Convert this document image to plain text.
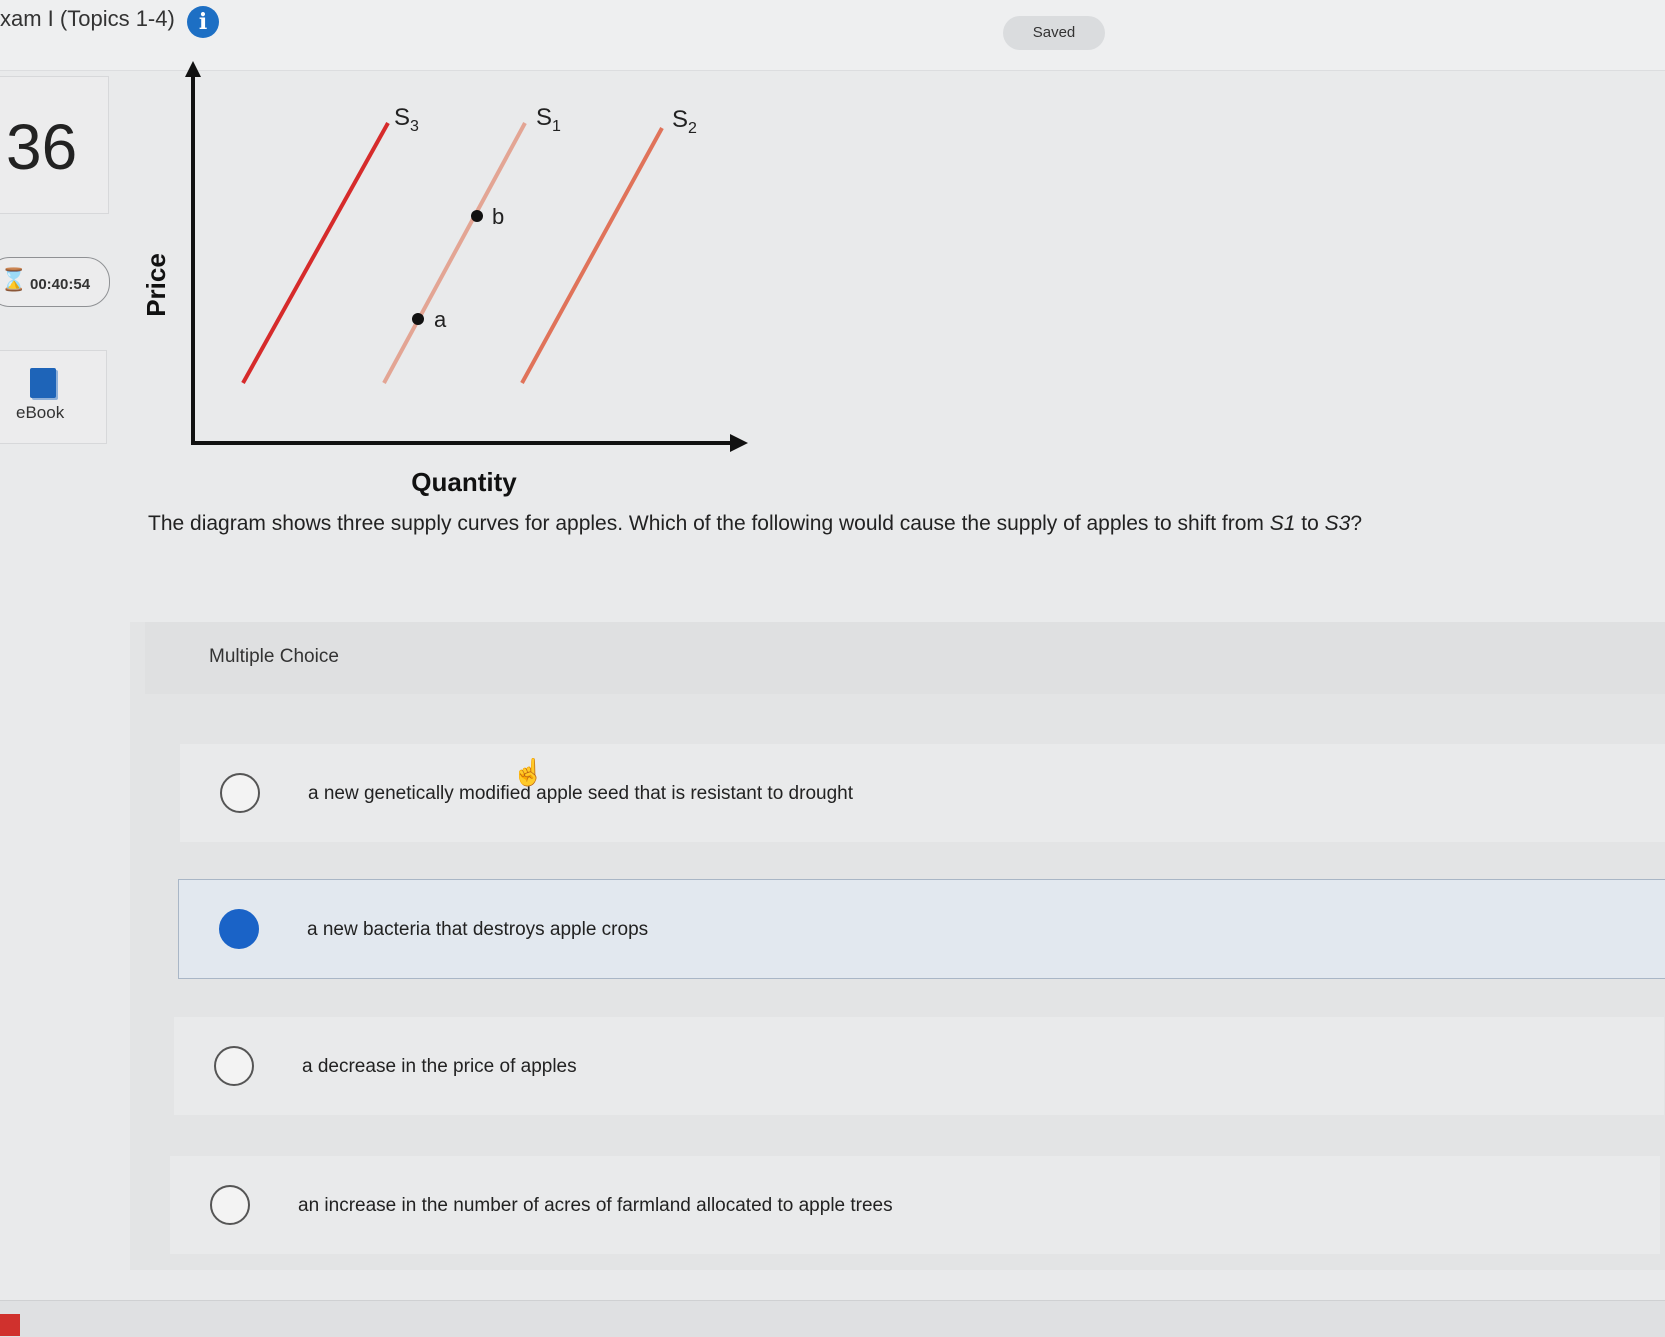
xam I (Topics 1-4)	i	Saved
36
⌛ 00:40:54
eBook
Price
Quantity
$S_3$	$S_1$	$S_2$
a
b
The diagram shows three supply curves for apples. Which of the following would cause the supply of apples to shift from S1 to S3?
Multiple Choice
a new genetically modified apple seed that is resistant to drought
a new bacteria that destroys apple crops
a decrease in the price of apples
an increase in the number of acres of farmland allocated to apple trees
☝
